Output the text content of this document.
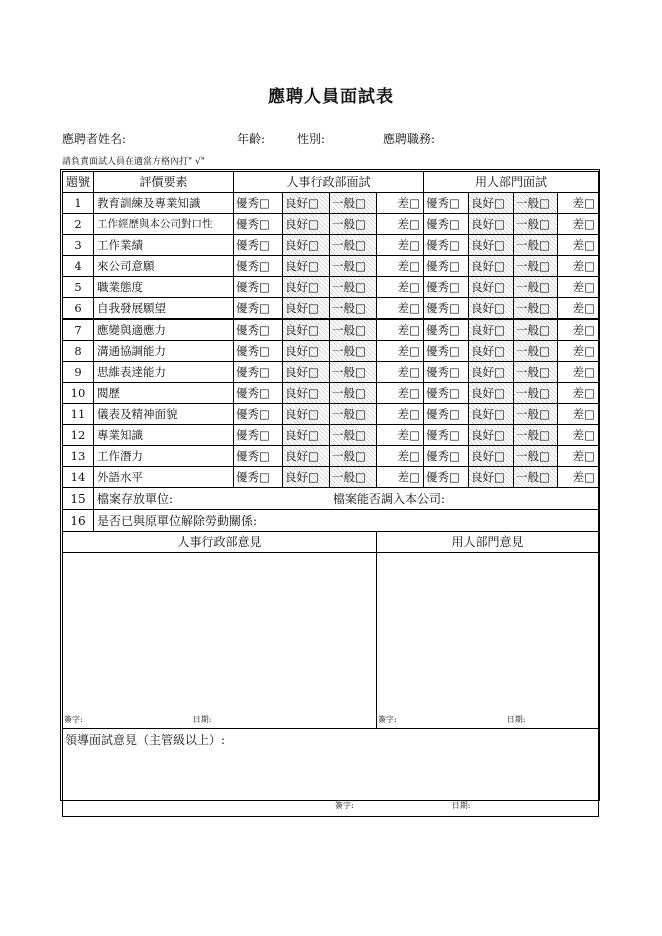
應聘人員面試表
應聘者姓名:	年齡:	性別:	應聘職務:
請負責面試人員在適當方格內打" √"
題號	評價要素	人事行政部面試				用人部門面試			
1	教育訓練及專業知識	優秀□	良好□	一般□	差□	優秀□	良好□	一般□	差□
2	工作經歷與本公司對口性	優秀□	良好□	一般□	差□	優秀□	良好□	一般□	差□
3	工作業績	優秀□	良好□	一般□	差□	優秀□	良好□	一般□	差□
4	來公司意願	優秀□	良好□	一般□	差□	優秀□	良好□	一般□	差□
5	職業態度	優秀□	良好□	一般□	差□	優秀□	良好□	一般□	差□
6	自我發展願望	優秀□	良好□	一般□	差□	優秀□	良好□	一般□	差□
7	應變與適應力	優秀□	良好□	一般□	差□	優秀□	良好□	一般□	差□
8	溝通協調能力	優秀□	良好□	一般□	差□	優秀□	良好□	一般□	差□
9	思維表達能力	優秀□	良好□	一般□	差□	優秀□	良好□	一般□	差□
10	閱歷	優秀□	良好□	一般□	差□	優秀□	良好□	一般□	差□
11	儀表及精神面貌	優秀□	良好□	一般□	差□	優秀□	良好□	一般□	差□
12	專業知識	優秀□	良好□	一般□	差□	優秀□	良好□	一般□	差□
13	工作潛力	優秀□	良好□	一般□	差□	優秀□	良好□	一般□	差□
14	外語水平	優秀□	良好□	一般□	差□	優秀□	良好□	一般□	差□
15	檔案存放單位: 檔案能否調入本公司:								
16	是否已與原單位解除勞動關係:								
人事行政部意見					用人部門意見				

簽字: 日期:					簽字: 日期:				

領導面試意見（主管級以上）:
簽字: 日期:									
